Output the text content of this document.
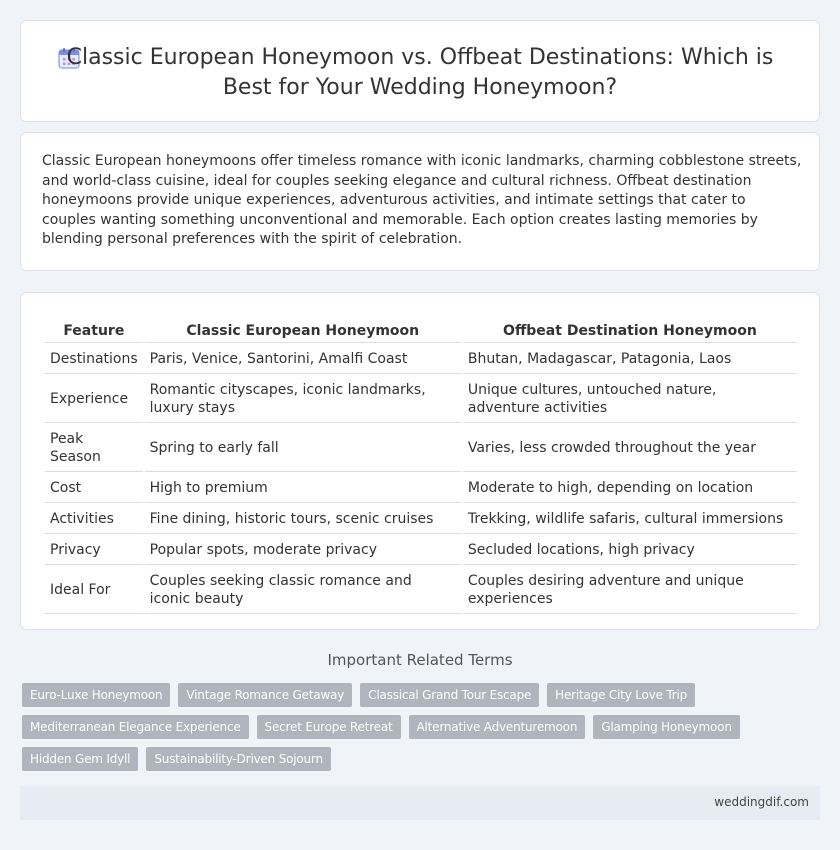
Classic European Honeymoon vs. Offbeat Destinations: Which is Best for Your Wedding Honeymoon?

Classic European honeymoons offer timeless romance with iconic landmarks, charming cobblestone streets, and world-class cuisine, ideal for couples seeking elegance and cultural richness. Offbeat destination honeymoons provide unique experiences, adventurous activities, and intimate settings that cater to couples wanting something unconventional and memorable. Each option creates lasting memories by blending personal preferences with the spirit of celebration.

Feature	Classic European Honeymoon	Offbeat Destination Honeymoon
Destinations	Paris, Venice, Santorini, Amalfi Coast	Bhutan, Madagascar, Patagonia, Laos
Experience	Romantic cityscapes, iconic landmarks, luxury stays	Unique cultures, untouched nature, adventure activities
Peak Season	Spring to early fall	Varies, less crowded throughout the year
Cost	High to premium	Moderate to high, depending on location
Activities	Fine dining, historic tours, scenic cruises	Trekking, wildlife safaris, cultural immersions
Privacy	Popular spots, moderate privacy	Secluded locations, high privacy
Ideal For	Couples seeking classic romance and iconic beauty	Couples desiring adventure and unique experiences
Important Related Terms
Euro-Luxe Honeymoon	Vintage Romance Getaway	Classical Grand Tour Escape	Heritage City Love Trip
Mediterranean Elegance Experience	Secret Europe Retreat	Alternative Adventuremoon	Glamping Honeymoon
Hidden Gem Idyll	Sustainability-Driven Sojourn
weddingdif.com
